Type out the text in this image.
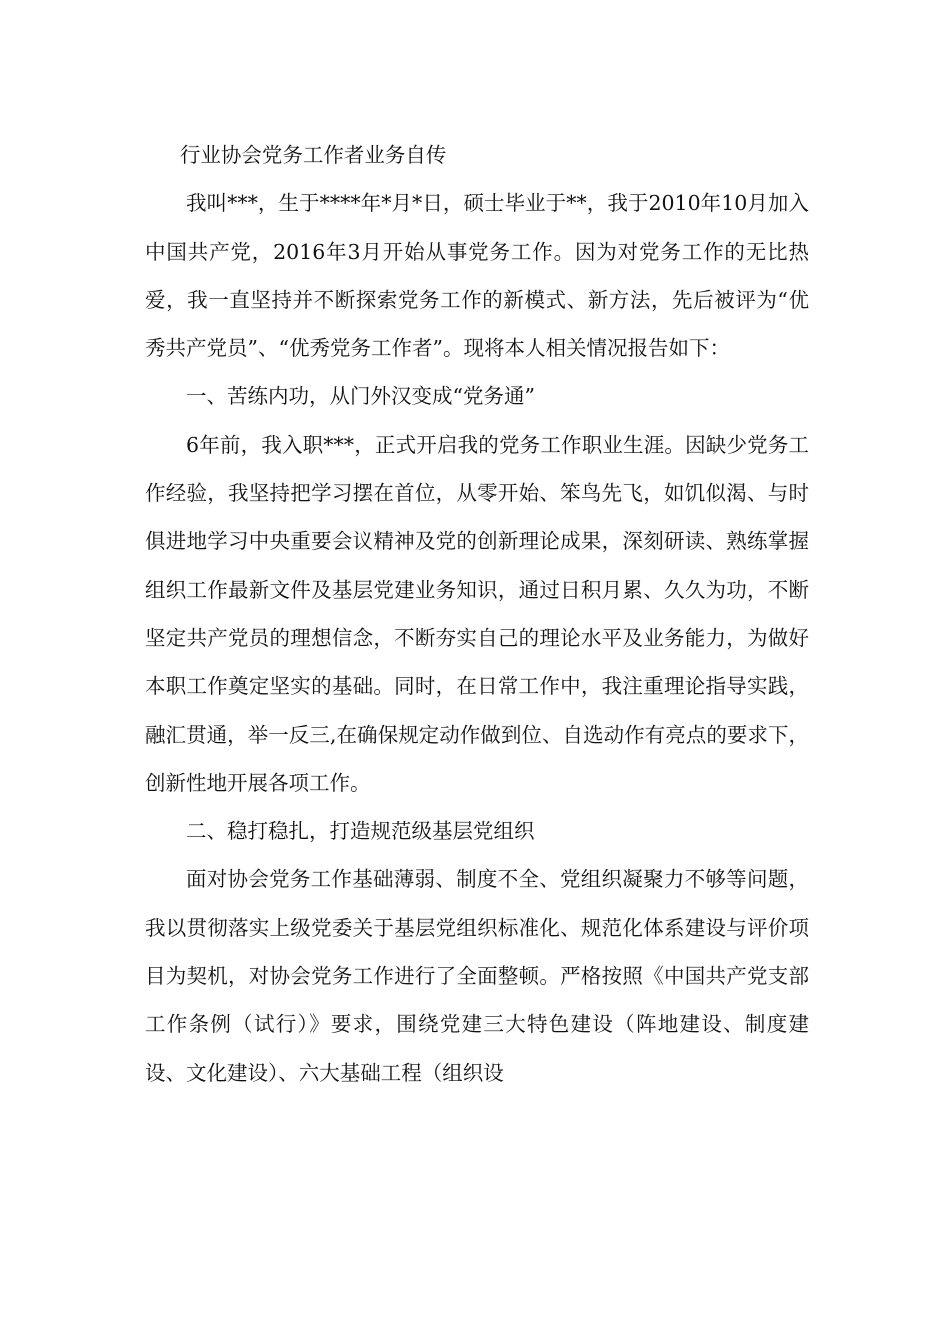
行业协会党务工作者业务自传

我叫***，生于****年*月*日，硕士毕业于**，我于2010年10月加入中国共产党，2016年3月开始从事党务工作。因为对党务工作的无比热爱，我一直坚持并不断探索党务工作的新模式、新方法，先后被评为“优秀共产党员”、“优秀党务工作者”。现将本人相关情况报告如下：

一、苦练内功，从门外汉变成“党务通”

6年前，我入职***，正式开启我的党务工作职业生涯。因缺少党务工作经验，我坚持把学习摆在首位，从零开始、笨鸟先飞，如饥似渴、与时俱进地学习中央重要会议精神及党的创新理论成果，深刻研读、熟练掌握组织工作最新文件及基层党建业务知识，通过日积月累、久久为功，不断坚定共产党员的理想信念，不断夯实自己的理论水平及业务能力，为做好本职工作奠定坚实的基础。同时，在日常工作中，我注重理论指导实践，融汇贯通，举一反三,在确保规定动作做到位、自选动作有亮点的要求下，创新性地开展各项工作。

二、稳打稳扎，打造规范级基层党组织

面对协会党务工作基础薄弱、制度不全、党组织凝聚力不够等问题，我以贯彻落实上级党委关于基层党组织标准化、规范化体系建设与评价项目为契机，对协会党务工作进行了全面整顿。严格按照《中国共产党支部工作条例（试行）》要求，围绕党建三大特色建设（阵地建设、制度建设、文化建设）、六大基础工程（组织设
